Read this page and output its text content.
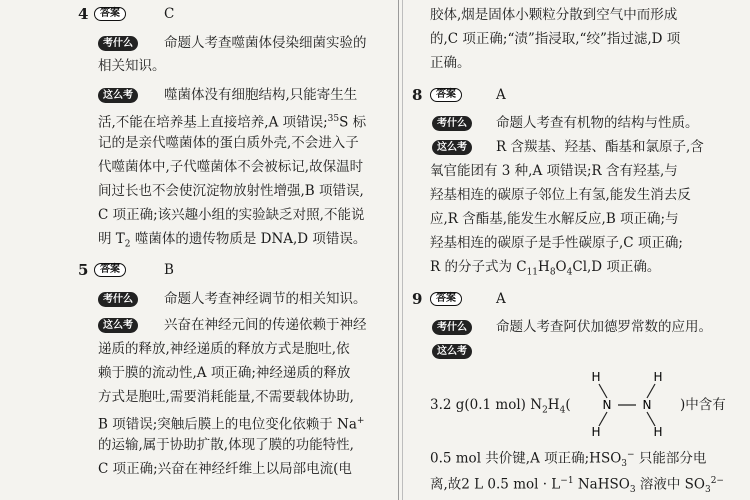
4	答案	C
考什么	命题人考查噬菌体侵染细菌实验的
相关知识。
这么考	噬菌体没有细胞结构,只能寄生生
活,不能在培养基上直接培养,A 项错误;$^{35}$S 标
记的是亲代噬菌体的蛋白质外壳,不会进入子
代噬菌体中,子代噬菌体不会被标记,故保温时
间过长也不会使沉淀物放射性增强,B 项错误,
C 项正确;该兴趣小组的实验缺乏对照,不能说
明 $T_2$ 噬菌体的遗传物质是 DNA,D 项错误。
5	答案	B
考什么	命题人考查神经调节的相关知识。
这么考	兴奋在神经元间的传递依赖于神经
递质的释放,神经递质的释放方式是胞吐,依
赖于膜的流动性,A 项正确;神经递质的释放
方式是胞吐,需要消耗能量,不需要载体协助,
B 项错误;突触后膜上的电位变化依赖于 Na+
的运输,属于协助扩散,体现了膜的功能特性,
C 项正确;兴奋在神经纤维上以局部电流(电
胶体,烟是固体小颗粒分散到空气中而形成
的,C 项正确;“渍”指浸取,“绞”指过滤,D 项
正确。
8	答案	A
考什么	命题人考查有机物的结构与性质。
这么考	R 含羰基、羟基、酯基和氯原子,含
氧官能团有 3 种,A 项错误;R 含有羟基,与
羟基相连的碳原子邻位上有氢,能发生消去反
应,R 含酯基,能发生水解反应,B 项正确;与
羟基相连的碳原子是手性碳原子,C 项正确;
R 的分子式为 $C_{11}H_8O_4Cl,D$ 项正确。
9	答案	A
考什么	命题人考查阿伏加德罗常数的应用。
这么考
3.2 g(0.1 mol) $N_2H_4$(	N	N
H
H
H
H
)中含有
0.5 mol 共价键,A 项正确$;HSO_3^-$ 只能部分电
离,故2 L 0.5 mol · $L^{-1}$ NaHSO$_3$ 溶液中 $SO_3^{2-}$
